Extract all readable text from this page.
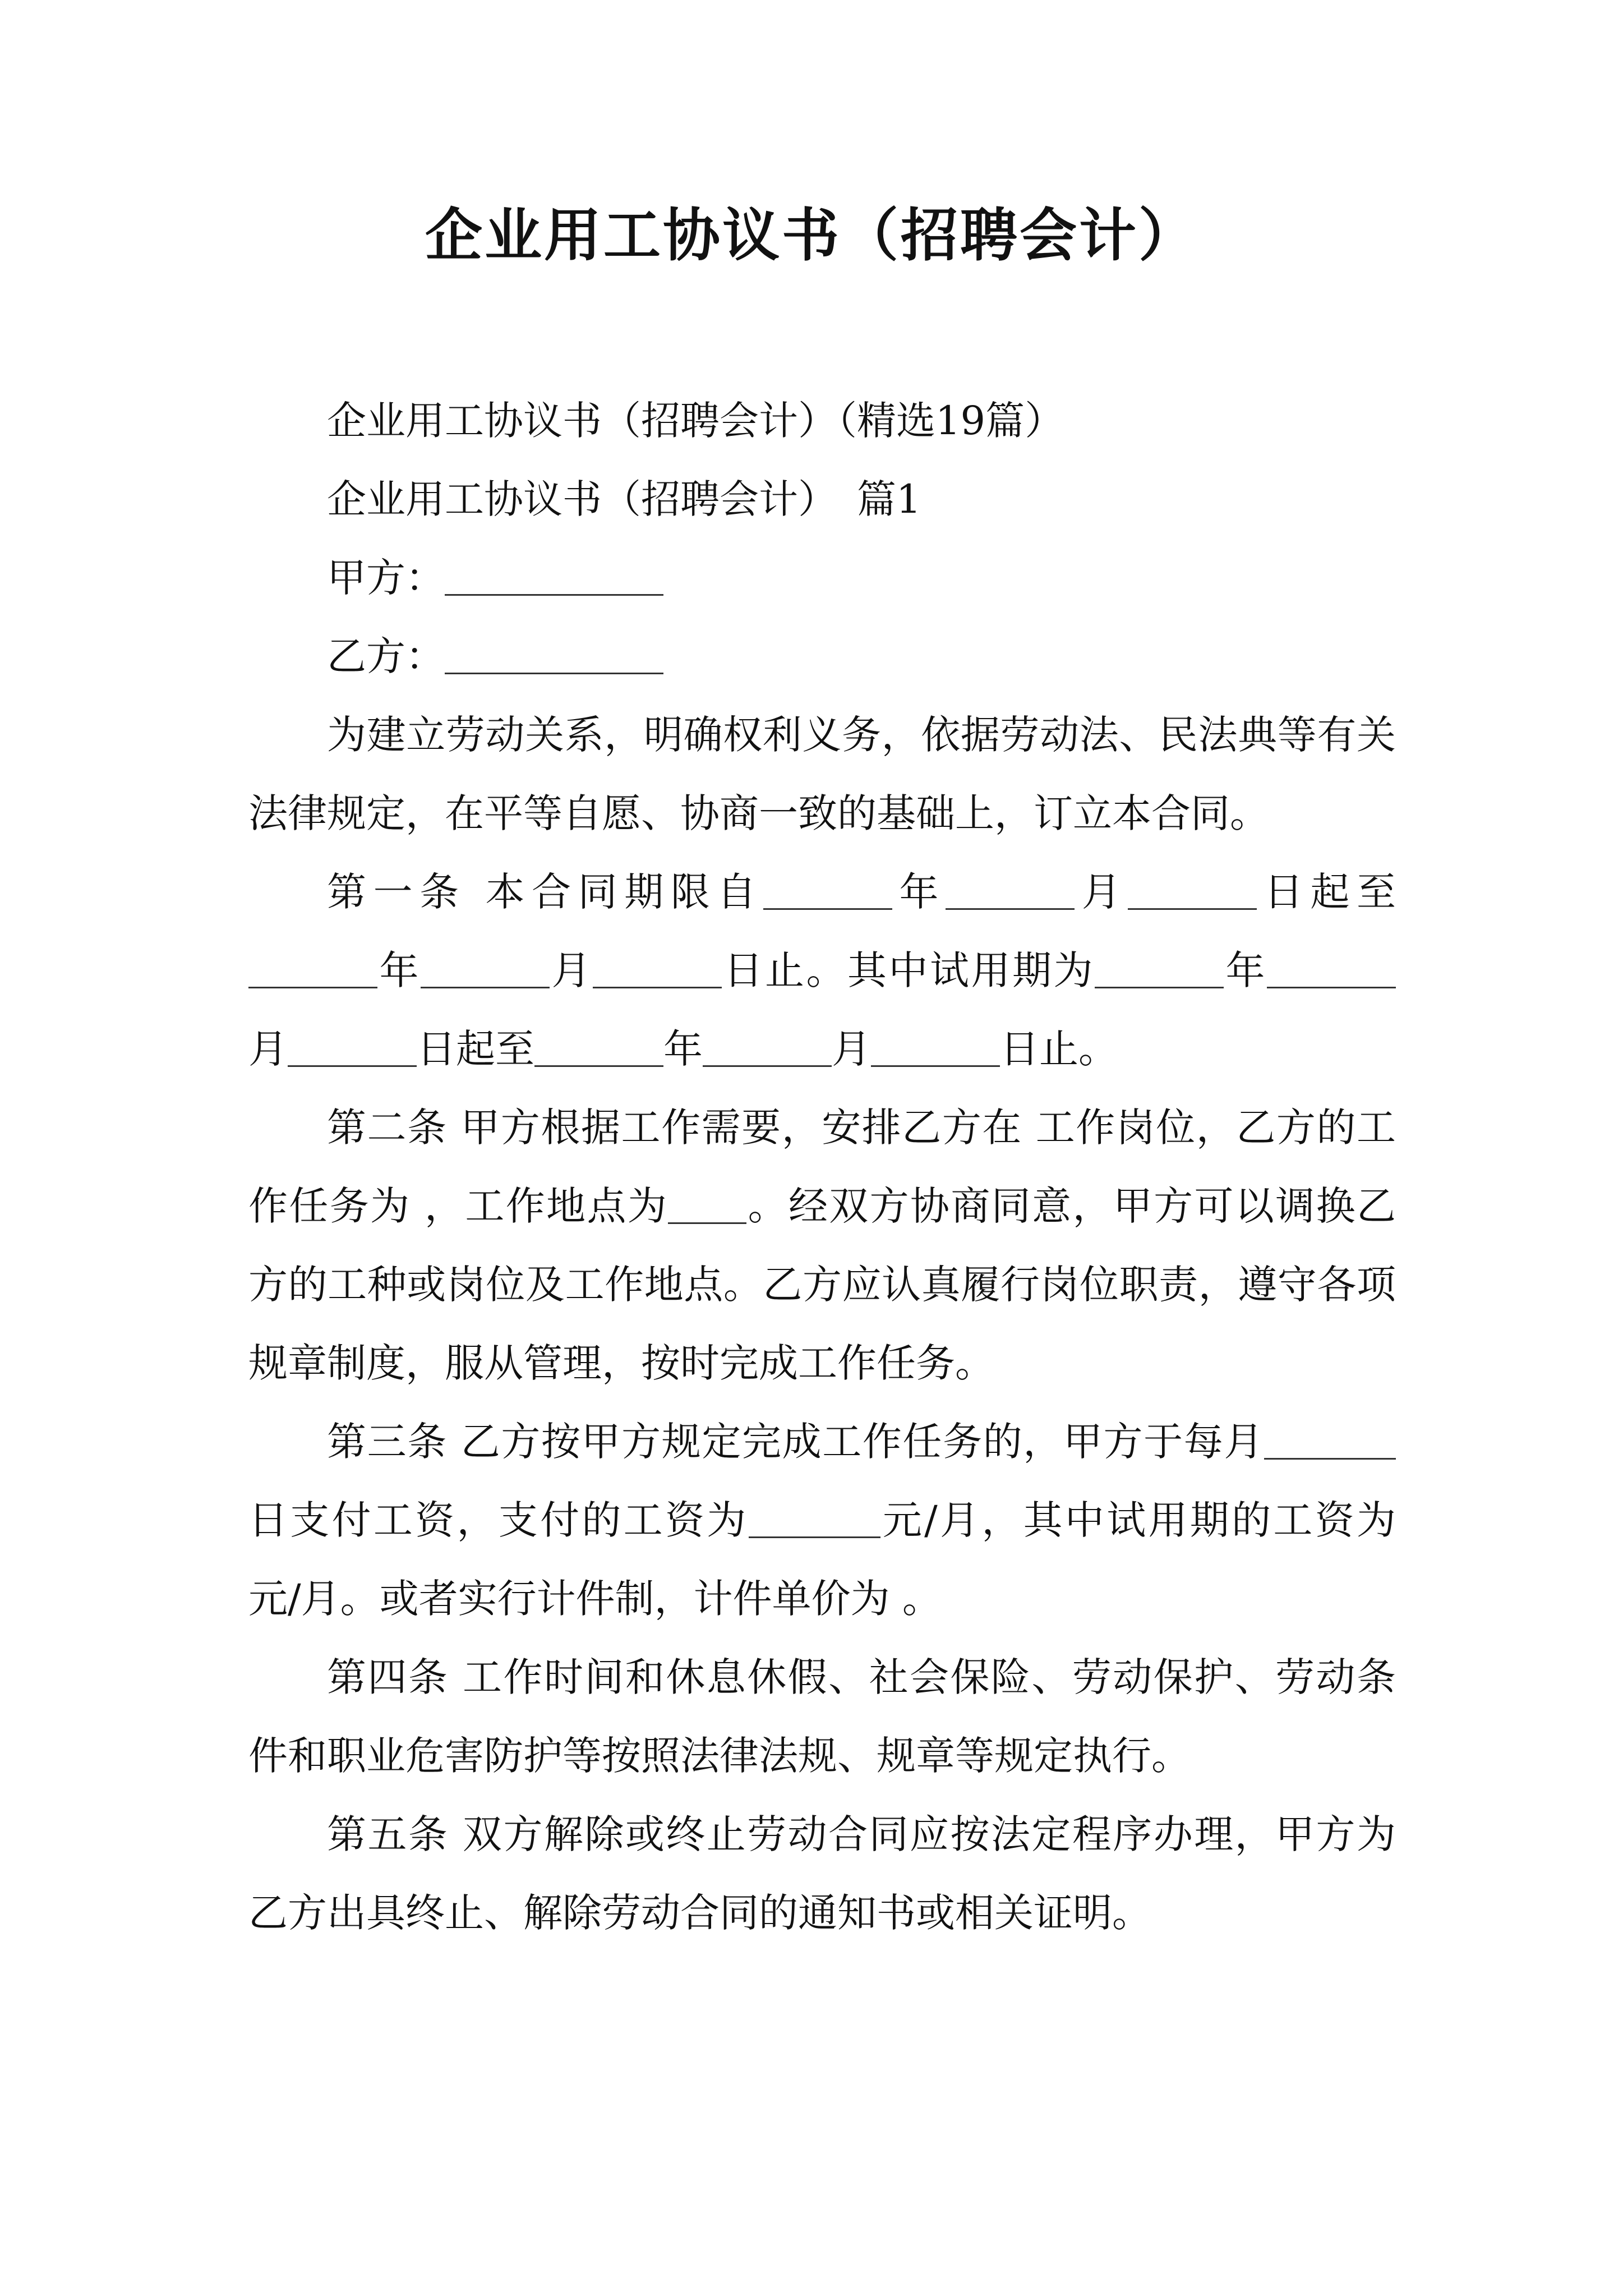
企业用工协议书（招聘会计）

企业用工协议书（招聘会计）（精选19篇）

企业用工协议书（招聘会计）　篇1

甲方：

乙方：

为建立劳动关系，明确权利义务，依据劳动法、民法典等有关法律规定，在平等自愿、协商一致的基础上，订立本合同。

第一条 本合同期限自	年	月	日起至年	月	日止。其中试用期为	年月	日起至	年	月	日止。

第二条 甲方根据工作需要，安排乙方在 工作岗位，乙方的工作任务为 ，工作地点为 。经双方协商同意，甲方可以调换乙方的工种或岗位及工作地点。乙方应认真履行岗位职责，遵守各项规章制度，服从管理，按时完成工作任务。

第三条 乙方按甲方规定完成工作任务的，甲方于每月日支付工资，支付的工资为	元/月，其中试用期的工资为 元/月。或者实行计件制，计件单价为 。

第四条 工作时间和休息休假、社会保险、劳动保护、劳动条件和职业危害防护等按照法律法规、规章等规定执行。

第五条 双方解除或终止劳动合同应按法定程序办理，甲方为乙方出具终止、解除劳动合同的通知书或相关证明。
